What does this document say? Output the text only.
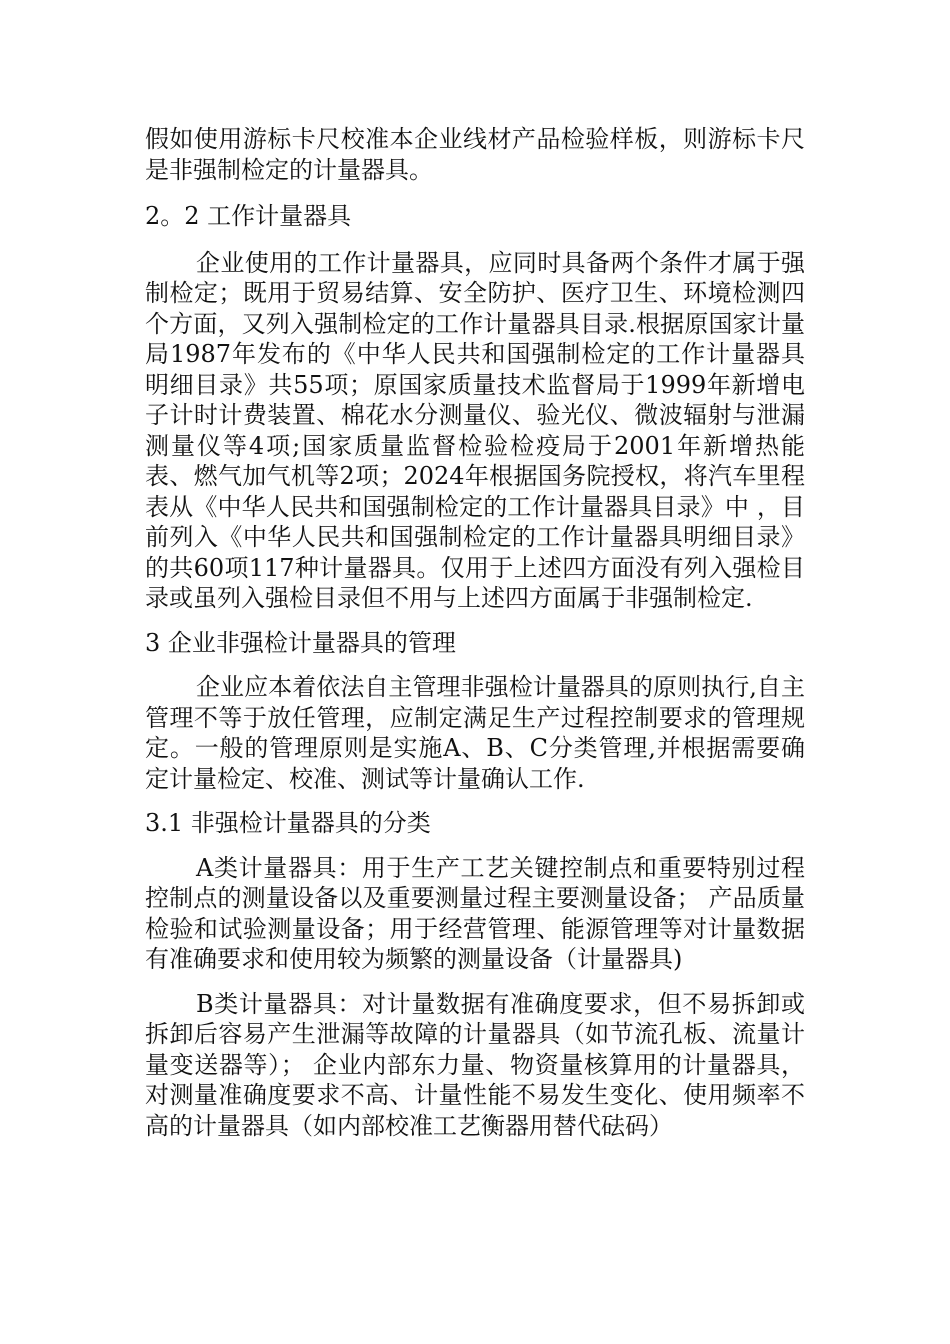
假如使用游标卡尺校准本企业线材产品检验样板，则游标卡尺是非强制检定的计量器具。

2。2 工作计量器具

企业使用的工作计量器具，应同时具备两个条件才属于强制检定；既用于贸易结算、安全防护、医疗卫生、环境检测四个方面，又列入强制检定的工作计量器具目录.根据原国家计量局1987年发布的《中华人民共和国强制检定的工作计量器具明细目录》共55项；原国家质量技术监督局于1999年新增电子计时计费装置、棉花水分测量仪、验光仪、微波辐射与泄漏测量仪等4项;国家质量监督检验检疫局于2001年新增热能表、燃气加气机等2项；2024年根据国务院授权，将汽车里程表从《中华人民共和国强制检定的工作计量器具目录》中 ，目前列入《中华人民共和国强制检定的工作计量器具明细目录》的共60项117种计量器具。仅用于上述四方面没有列入强检目录或虽列入强检目录但不用与上述四方面属于非强制检定.

3 企业非强检计量器具的管理

企业应本着依法自主管理非强检计量器具的原则执行,自主管理不等于放任管理，应制定满足生产过程控制要求的管理规定。一般的管理原则是实施A、B、C分类管理,并根据需要确定计量检定、校准、测试等计量确认工作.

3.1 非强检计量器具的分类

A类计量器具：用于生产工艺关键控制点和重要特别过程控制点的测量设备以及重要测量过程主要测量设备； 产品质量检验和试验测量设备；用于经营管理、能源管理等对计量数据有准确要求和使用较为频繁的测量设备（计量器具)

B类计量器具：对计量数据有准确度要求，但不易拆卸或拆卸后容易产生泄漏等故障的计量器具（如节流孔板、流量计量变送器等）； 企业内部东力量、物资量核算用的计量器具，对测量准确度要求不高、计量性能不易发生变化、使用频率不高的计量器具（如内部校准工艺衡器用替代砝码）
